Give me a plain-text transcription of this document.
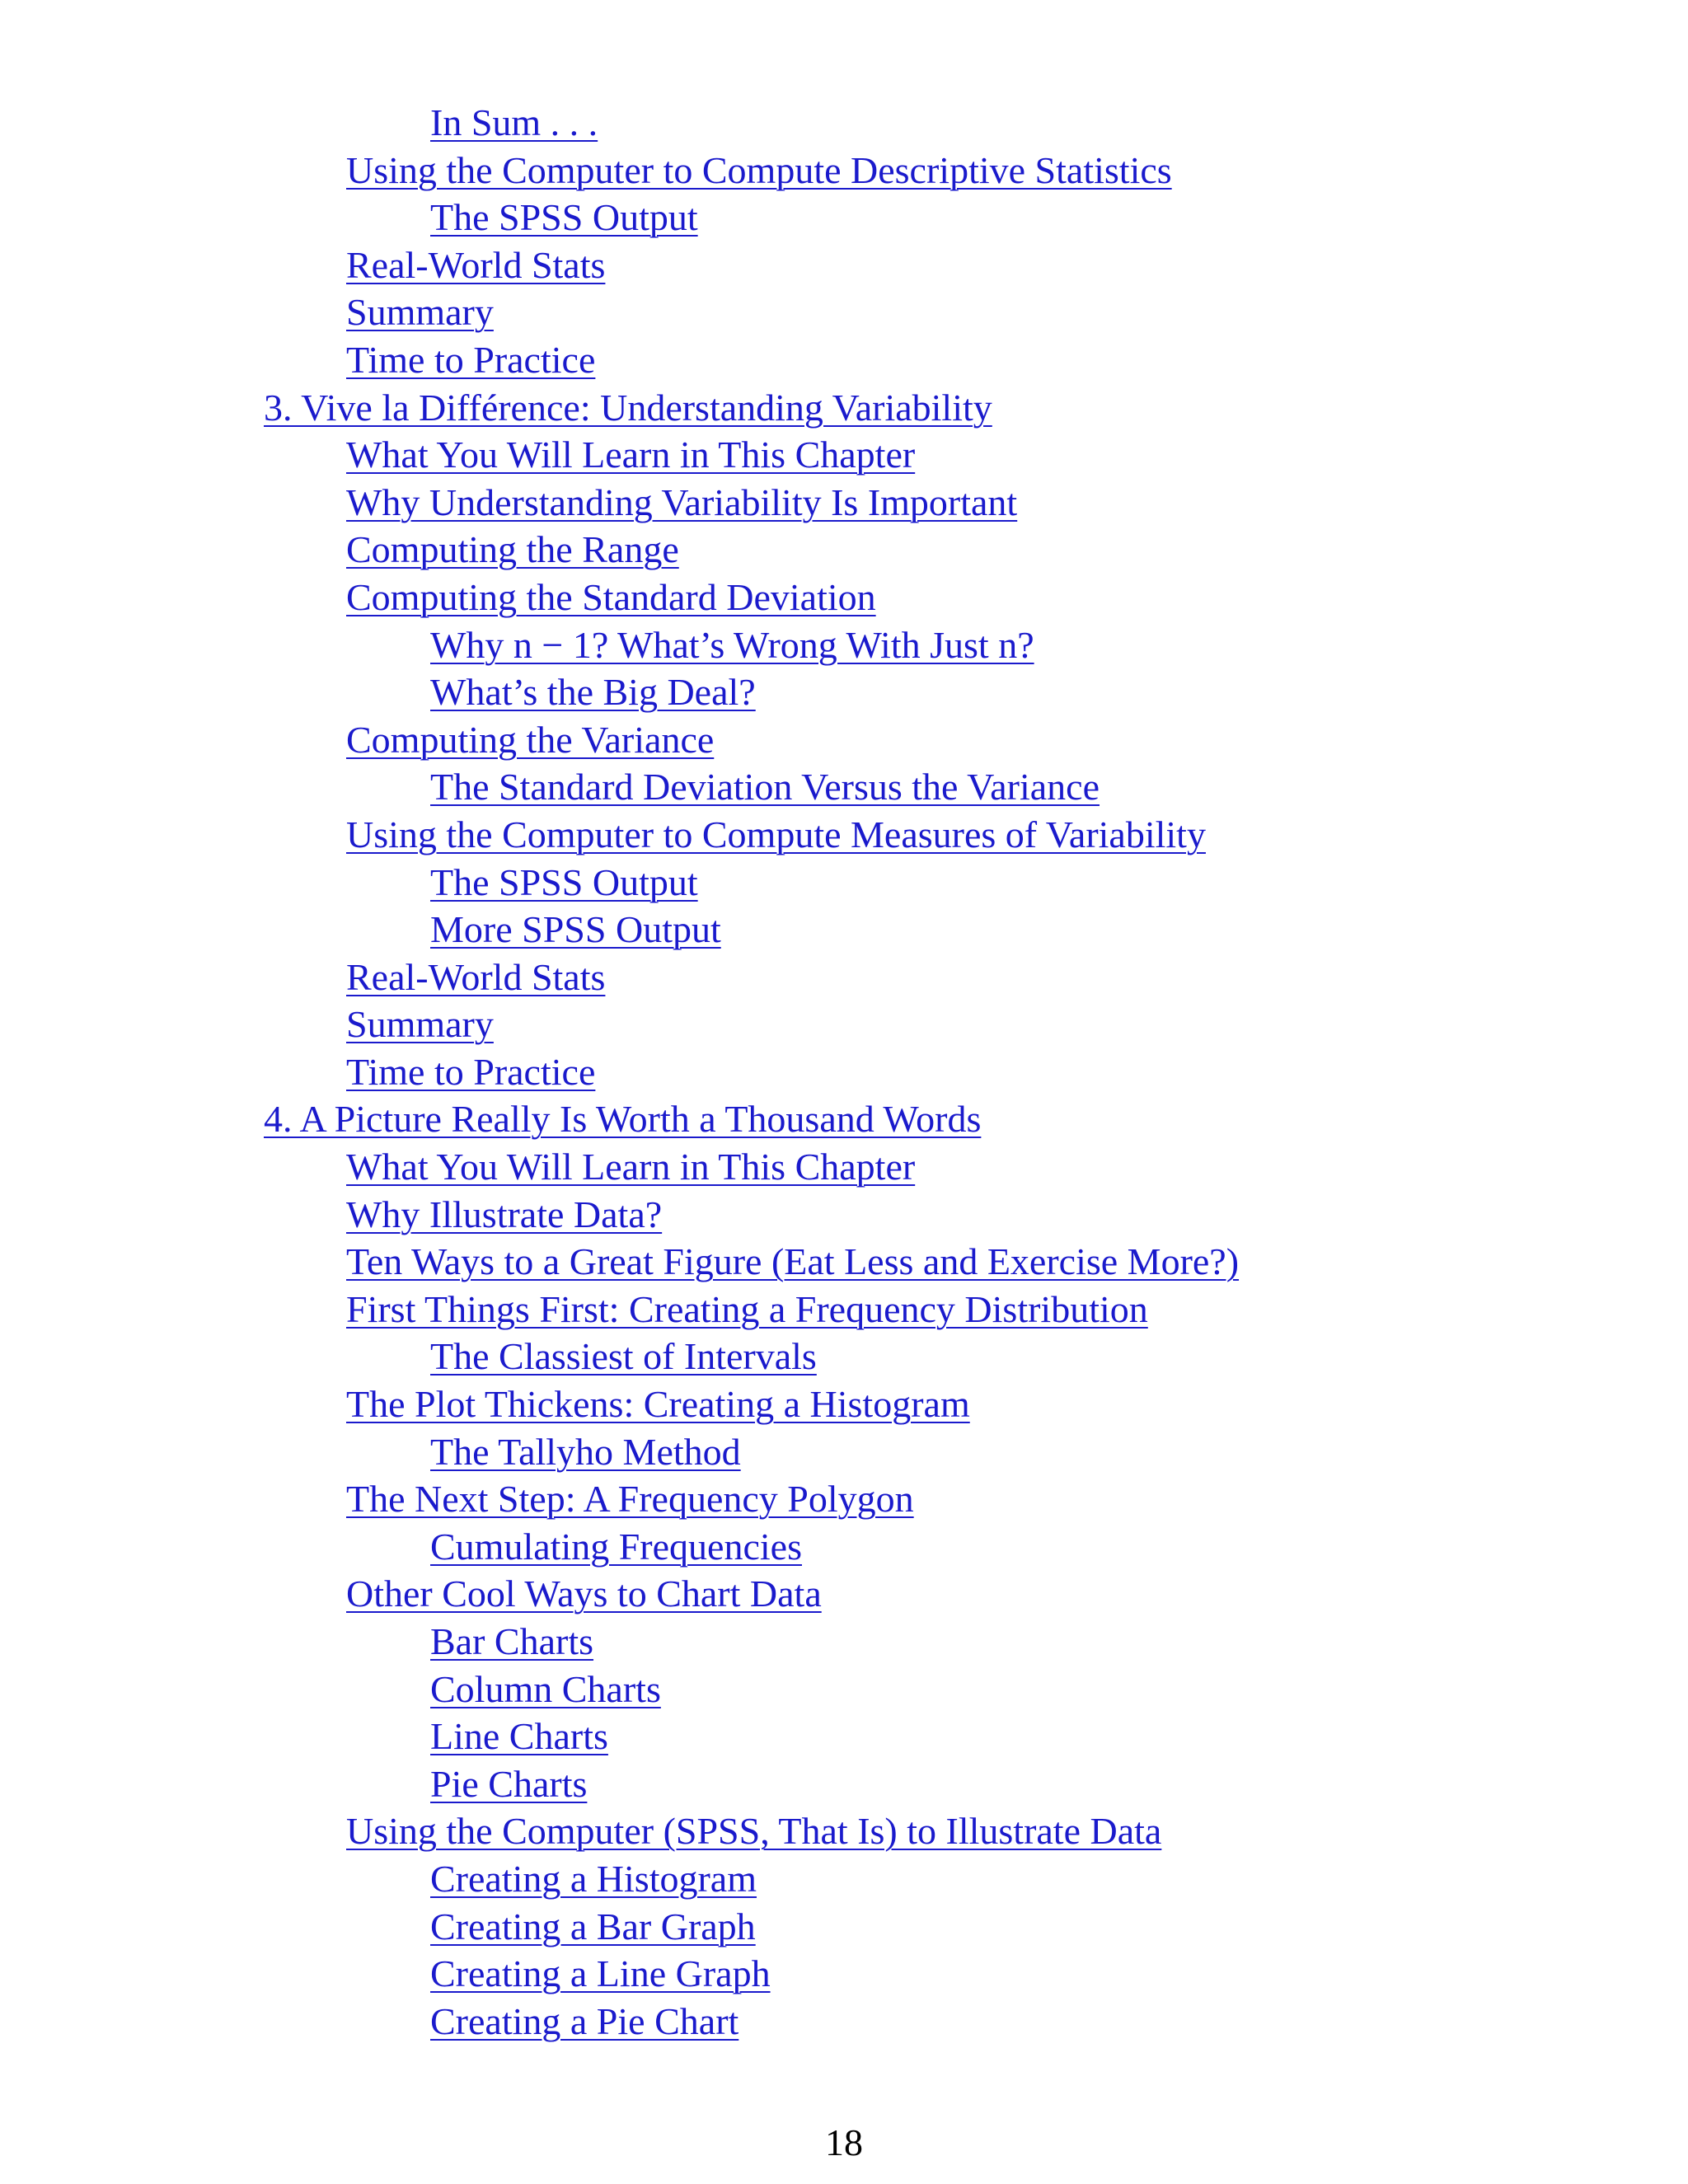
In Sum . . .
Using the Computer to Compute Descriptive Statistics
The SPSS Output
Real-World Stats
Summary
Time to Practice
3. Vive la Différence: Understanding Variability
What You Will Learn in This Chapter
Why Understanding Variability Is Important
Computing the Range
Computing the Standard Deviation
Why n − 1? What’s Wrong With Just n?
What’s the Big Deal?
Computing the Variance
The Standard Deviation Versus the Variance
Using the Computer to Compute Measures of Variability
The SPSS Output
More SPSS Output
Real-World Stats
Summary
Time to Practice
4. A Picture Really Is Worth a Thousand Words
What You Will Learn in This Chapter
Why Illustrate Data?
Ten Ways to a Great Figure (Eat Less and Exercise More?)
First Things First: Creating a Frequency Distribution
The Classiest of Intervals
The Plot Thickens: Creating a Histogram
The Tallyho Method
The Next Step: A Frequency Polygon
Cumulating Frequencies
Other Cool Ways to Chart Data
Bar Charts
Column Charts
Line Charts
Pie Charts
Using the Computer (SPSS, That Is) to Illustrate Data
Creating a Histogram
Creating a Bar Graph
Creating a Line Graph
Creating a Pie Chart
18
